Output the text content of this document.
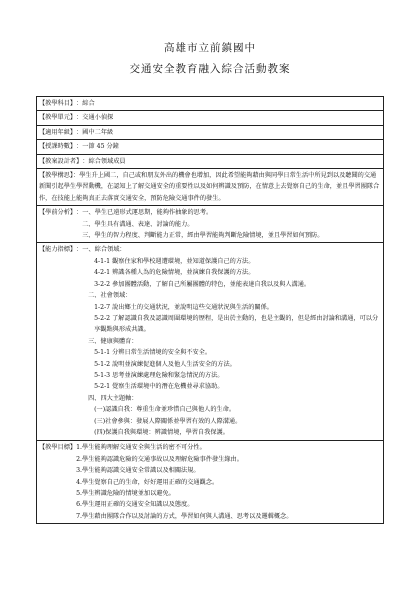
高雄市立前鎮國中
交通安全教育融入綜合活動教案
【教學科目】 ：綜合
【教學單元】 ：交通小偵探
【適用年級】 ：國中二年級
【授課時數】 ：一節 45 分鐘
【教案設計者】 ：綜合領域成員
【教學構思】：學生升上國二，自己或和朋友外出的機會也增加，因此希望能夠藉由與同學日常生活中所見到以及聽聞的交通新聞引起學生學習動機，在認知上了解交通安全的重要性以及如何辨識及預防，在情意上去覺察自己的生命，並且學習團隊合作，在技能上能夠真正去落實交通安全，預防危險交通事件的發生。
【學前分析】 ：一、 學生已遠形式運思期，能夠作抽象的思考。
二、 學生具有溝通、表達、討論的能力。
三、 學生的智力程度、判斷能力正常，經由學習能夠判斷危險情境，並且學習如何預防。
【能力指標】 ：一、綜合領域：
4-1-1 觀察住家和學校週遭環境，並知道保護自己的方法。
4-2-1 辨識各種人為的危險情境，並演練自我保護的方法。
3-2-2 參加團體活動，了解自己所屬團體的特色，並能表達自我以及與人溝通。
二、社會領域：
1-2-7 說出鄉土的交通狀況，並說明這些交通狀況與生活的關係。
5-2-2 了解認識自我及認識周圍環境的歷程，是出於主動的，也是主觀的，但是經由討論和溝通，可以分享觀點與形成共識。
三、健康與體育：
5-1-1 分辨日常生活情境的安全與不安全。
5-1-2 說明並演練促進個人及他人生活安全的方法。
5-1-3 思考並演練處理危險和緊急情況的方法。
5-2-1 覺察生活環境中的潛在危機並尋求協助。
四、四大主題軸：
(一)認識自我：尊重生命並珍惜自己與他人的生命。
(三)社會參與：發展人際關係並學習有效的人際溝通。
(四)保護自我與環境：辨識情境，學習自我保護。
【教學目標】 1.學生能夠理解交通安全與生活的密不可分性。
2.學生能夠認識危險的交通事故以及理解危險事件發生緣由。
3.學生能夠認識交通安全常識以及相關法規。
4.學生覺察自己的生命，好好運用正確的交通觀念。
5.學生辨識危險的情境並加以避免。
6.學生運用正確的交通安全知識以及態度。
7.學生藉由團隊合作以及討論的方式，學習如何與人溝通、思考以及邏輯概念。
